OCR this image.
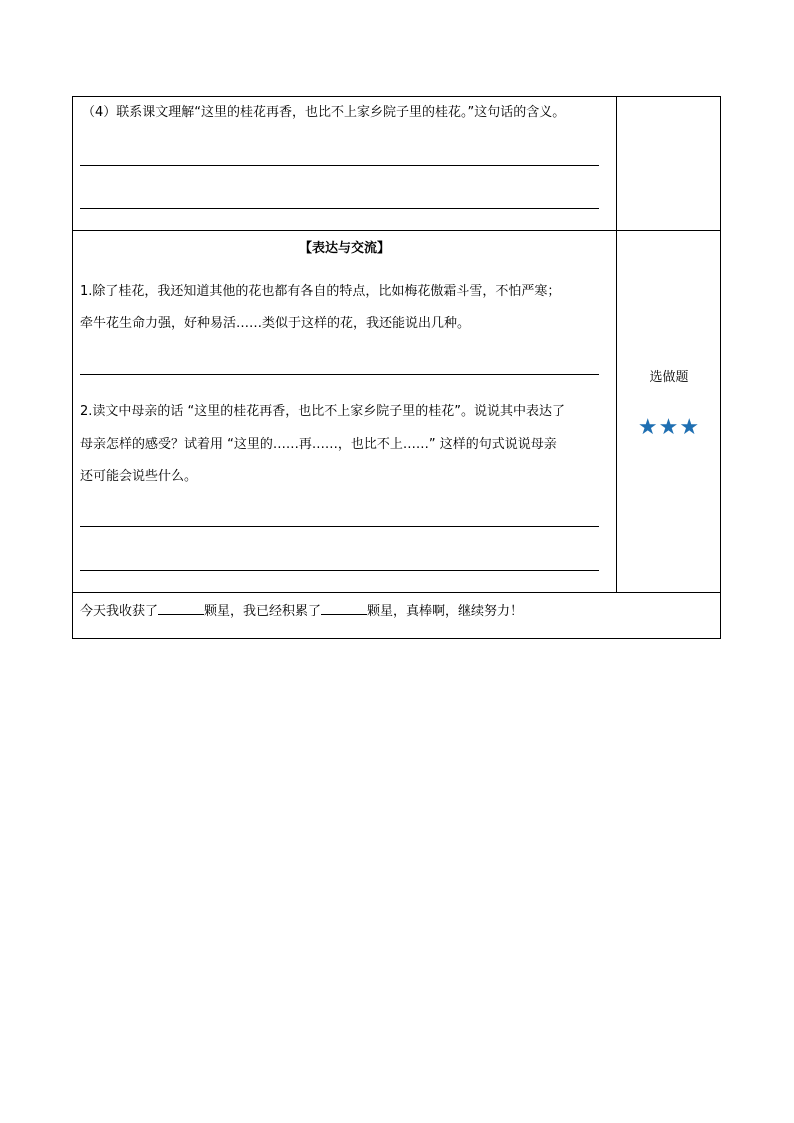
（4）联系课文理解“这里的桂花再香，也比不上家乡院子里的桂花。”这句话的含义。
【表达与交流】
1.除了桂花，我还知道其他的花也都有各自的特点，比如梅花傲霜斗雪，不怕严寒；
牵牛花生命力强，好种易活……类似于这样的花，我还能说出几种。
2.读文中母亲的话 “这里的桂花再香，也比不上家乡院子里的桂花”。说说其中表达了
母亲怎样的感受？试着用 “这里的……再……，也比不上……” 这样的句式说说母亲
还可能会说些什么。
选做题
★★★
今天我收获了	颗星，我已经积累了	颗星，真棒啊，继续努力！
